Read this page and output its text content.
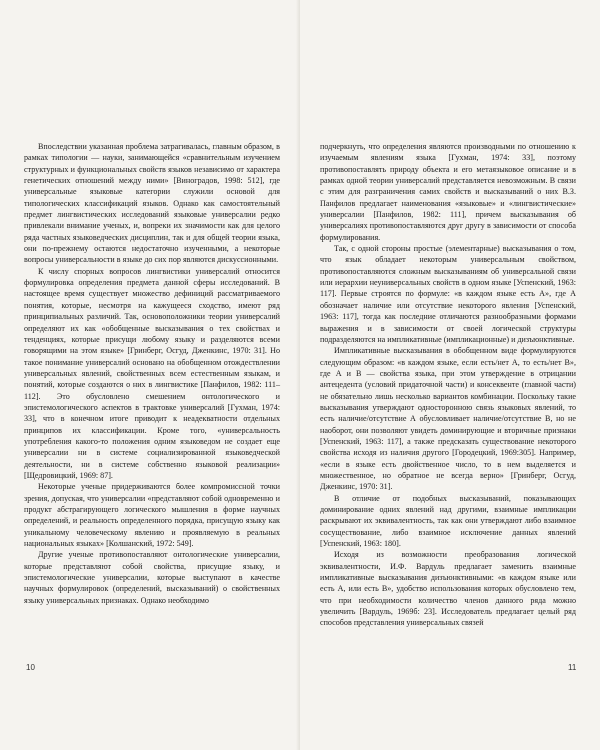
Впоследствии указанная проблема затрагивалась, главным образом, в рамках типологии — науки, занимающейся «сравнительным изучением структурных и функциональных свойств языков независимо от характера генетических отношений между ними» [Виноградов, 1998: 512], где универсальные языковые категории служили основой для типологических классификаций языков. Однако как самостоятельный предмет лингвистических исследований языковые универсалии редко привлекали внимание ученых, и, вопреки их значимости как для целого ряда частных языковедческих дисциплин, так и для общей теории языка, они по-прежнему остаются недостаточно изученными, а некоторые вопросы универсальности в языке до сих пор являются дискуссионными.

К числу спорных вопросов лингвистики универсалий относится формулировка определения предмета данной сферы исследований. В настоящее время существует множество дефиниций рассматриваемого понятия, которые, несмотря на кажущееся сходство, имеют ряд принципиальных различий. Так, основоположники теории универсалий определяют их как «обобщенные высказывания о тех свойствах и тенденциях, которые присущи любому языку и разделяются всеми говорящими на этом языке» [Гринберг, Осгуд, Дженкинс, 1970: 31]. Но такое понимание универсалий основано на обобщенном отождествлении универсальных явлений, свойственных всем естественным языкам, и понятий, которые создаются о них в лингвистике [Панфилов, 1982: 111–112]. Это обусловлено смешением онтологического и эпистемологического аспектов в трактовке универсалий [Гухман, 1974: 33], что в конечном итоге приводит к неадекватности отдельных принципов их классификации. Кроме того, «универсальность употребления какого-то положения одним языковедом не создает еще универсалии ни в системе социализированной языковедческой деятельности, ни в системе собственно языковой реализации» [Щедровицкий, 1969: 87].

Некоторые ученые придерживаются более компромиссной точки зрения, допуская, что универсалии «представляют собой одновременно и продукт абстрагирующего логического мышления в форме научных определений, и реальность определенного порядка, присущую языку как уникальному человеческому явлению и проявляемую в реальных национальных языках» [Колшанский, 1972: 549].

Другие ученые противопоставляют онтологические универсалии, которые представляют собой свойства, присущие языку, и эпистемологические универсалии, которые выступают в качестве научных формулировок (определений, высказываний) о свойственных языку универсальных признаках. Однако необходимо

10

подчеркнуть, что определения являются производными по отношению к изучаемым явлениям языка [Гухман, 1974: 33], поэтому противопоставлять природу объекта и его метаязыковое описание и в рамках одной теории универсалий представляется невозможным. В связи с этим для разграничения самих свойств и высказываний о них В.З. Панфилов предлагает наименования «языковые» и «лингвистические» универсалии [Панфилов, 1982: 111], причем высказывания об универсалиях противопоставляются друг другу в зависимости от способа формулирования.

Так, с одной стороны простые (элементарные) высказывания о том, что язык обладает некоторым универсальным свойством, противопоставляются сложным высказываниям об универсальной связи или иерархии неуниверсальных свойств в одном языке [Успенский, 1963: 117]. Первые строятся по формуле: «в каждом языке есть А», где А обозначает наличие или отсутствие некоторого явления [Успенский, 1963: 117], тогда как последние отличаются разнообразными формами выражения и в зависимости от своей логической структуры подразделяются на импликативные (импликационные) и дизъюнктивные.

Импликативные высказывания в обобщенном виде формулируются следующим образом: «в каждом языке, если есть/нет А, то есть/нет В», где А и В — свойства языка, при этом утверждение в отрицании антецедента (условий придаточной части) и консеквенте (главной части) не обязательно лишь несколько вариантов комбинации. Поскольку такие высказывания утверждают односторонною связь языковых явлений, то есть наличие/отсутствие А обусловливает наличие/отсутствие В, но не наоборот, они позволяют увидеть доминирующие и вторичные признаки [Успенский, 1963: 117], а также предсказать существование некоторого свойства исходя из наличия другого [Городецкий, 1969:305]. Например, «если в языке есть двойственное число, то в нем выделяется и множественное, но обратное не всегда верно» [Гринберг, Осгуд, Дженкинс, 1970: 31].

В отличие от подобных высказываний, показывающих доминирование одних явлений над другими, взаимные импликации раскрывают их эквивалентность, так как они утверждают либо взаимное сосуществование, либо взаимное исключение данных явлений [Успенский, 1963: 180].

Исходя из возможности преобразования логической эквивалентности, И.Ф. Вардуль предлагает заменить взаимные импликативные высказывания дизъюнктивными: «в каждом языке или есть А, или есть В», удобство использования которых обусловлено тем, что при необходимости количество членов данного ряда можно увеличить [Вардуль, 1969б: 23]. Исследователь предлагает целый ряд способов представления универсальных связей

11
